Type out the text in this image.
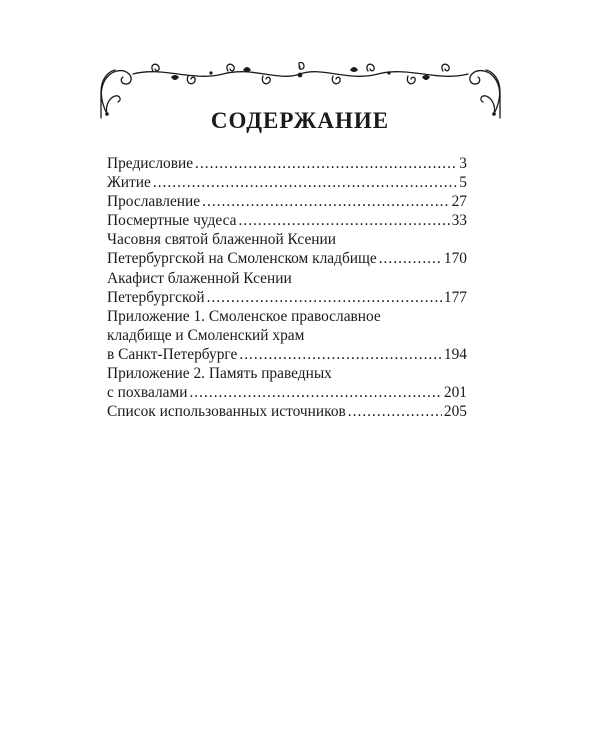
СОДЕРЖАНИЕ
Предисловие .....	3
Житие .....	5
Прославление .....	27
Посмертные чудеса .....	33
Часовня святой блаженной Ксении
Петербургской на Смоленском кладбище .....	170
Акафист блаженной Ксении
Петербургской .....	177
Приложение 1. Смоленское православное
кладбище и Смоленский храм
в Санкт-Петербурге .....	194
Приложение 2. Память праведных
с похвалами .....	201
Список использованных источников .....	205
